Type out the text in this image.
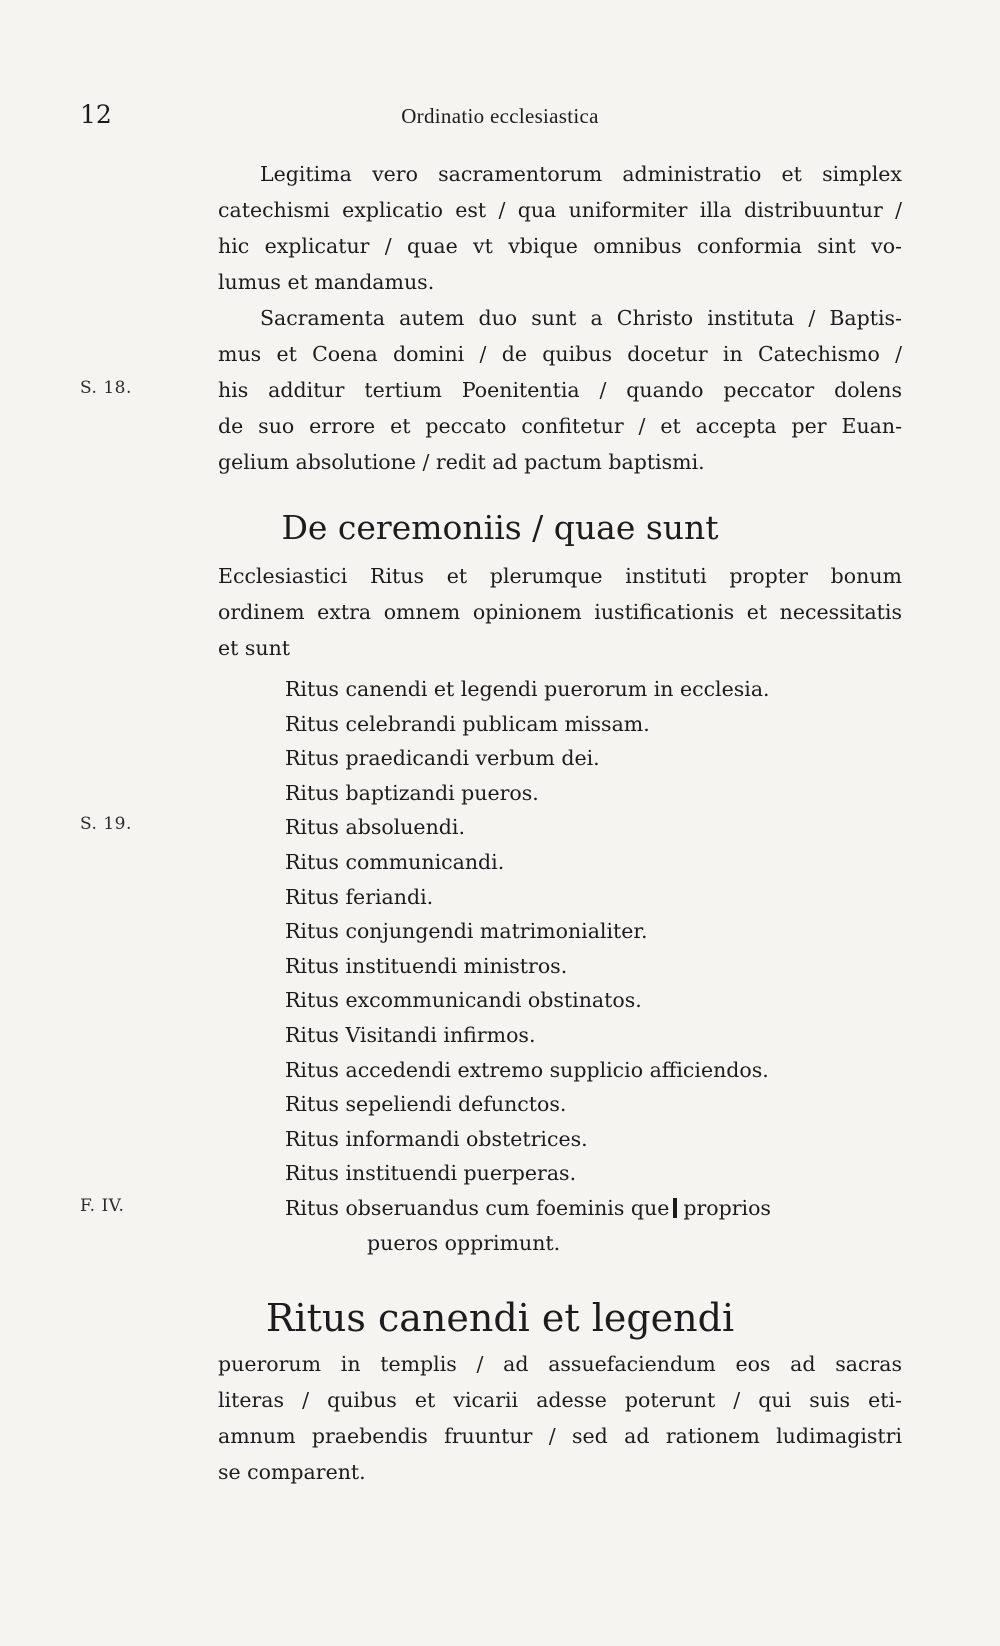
12	Ordinatio ecclesiastica
Legitima vero sacramentorum administratio et simplex
catechismi explicatio est / qua uniformiter illa distribuuntur /
hic explicatur / quae vt vbique omnibus conformia sint vo-
lumus et mandamus.
Sacramenta autem duo sunt a Christo instituta / Baptis-
mus et Coena domini / de quibus docetur in Catechismo /
his additur tertium Poenitentia / quando peccator dolens
de suo errore et peccato confitetur / et accepta per Euan-
gelium absolutione / redit ad pactum baptismi.
S. 18.
De ceremoniis / quae sunt
Ecclesiastici Ritus et plerumque instituti propter bonum
ordinem extra omnem opinionem iustificationis et necessitatis
et sunt
Ritus canendi et legendi puerorum in ecclesia.
Ritus celebrandi publicam missam.
Ritus praedicandi verbum dei.
Ritus baptizandi pueros.
Ritus absoluendi.
Ritus communicandi.
Ritus feriandi.
Ritus conjungendi matrimonialiter.
Ritus instituendi ministros.
Ritus excommunicandi obstinatos.
Ritus Visitandi infirmos.
Ritus accedendi extremo supplicio afficiendos.
Ritus sepeliendi defunctos.
Ritus informandi obstetrices.
Ritus instituendi puerperas.
Ritus obseruandus cum foeminis que proprios
pueros opprimunt.
S. 19.
F. IV.
Ritus canendi et legendi
puerorum in templis / ad assuefaciendum eos ad sacras
literas / quibus et vicarii adesse poterunt / qui suis eti-
amnum praebendis fruuntur / sed ad rationem ludimagistri
se comparent.
